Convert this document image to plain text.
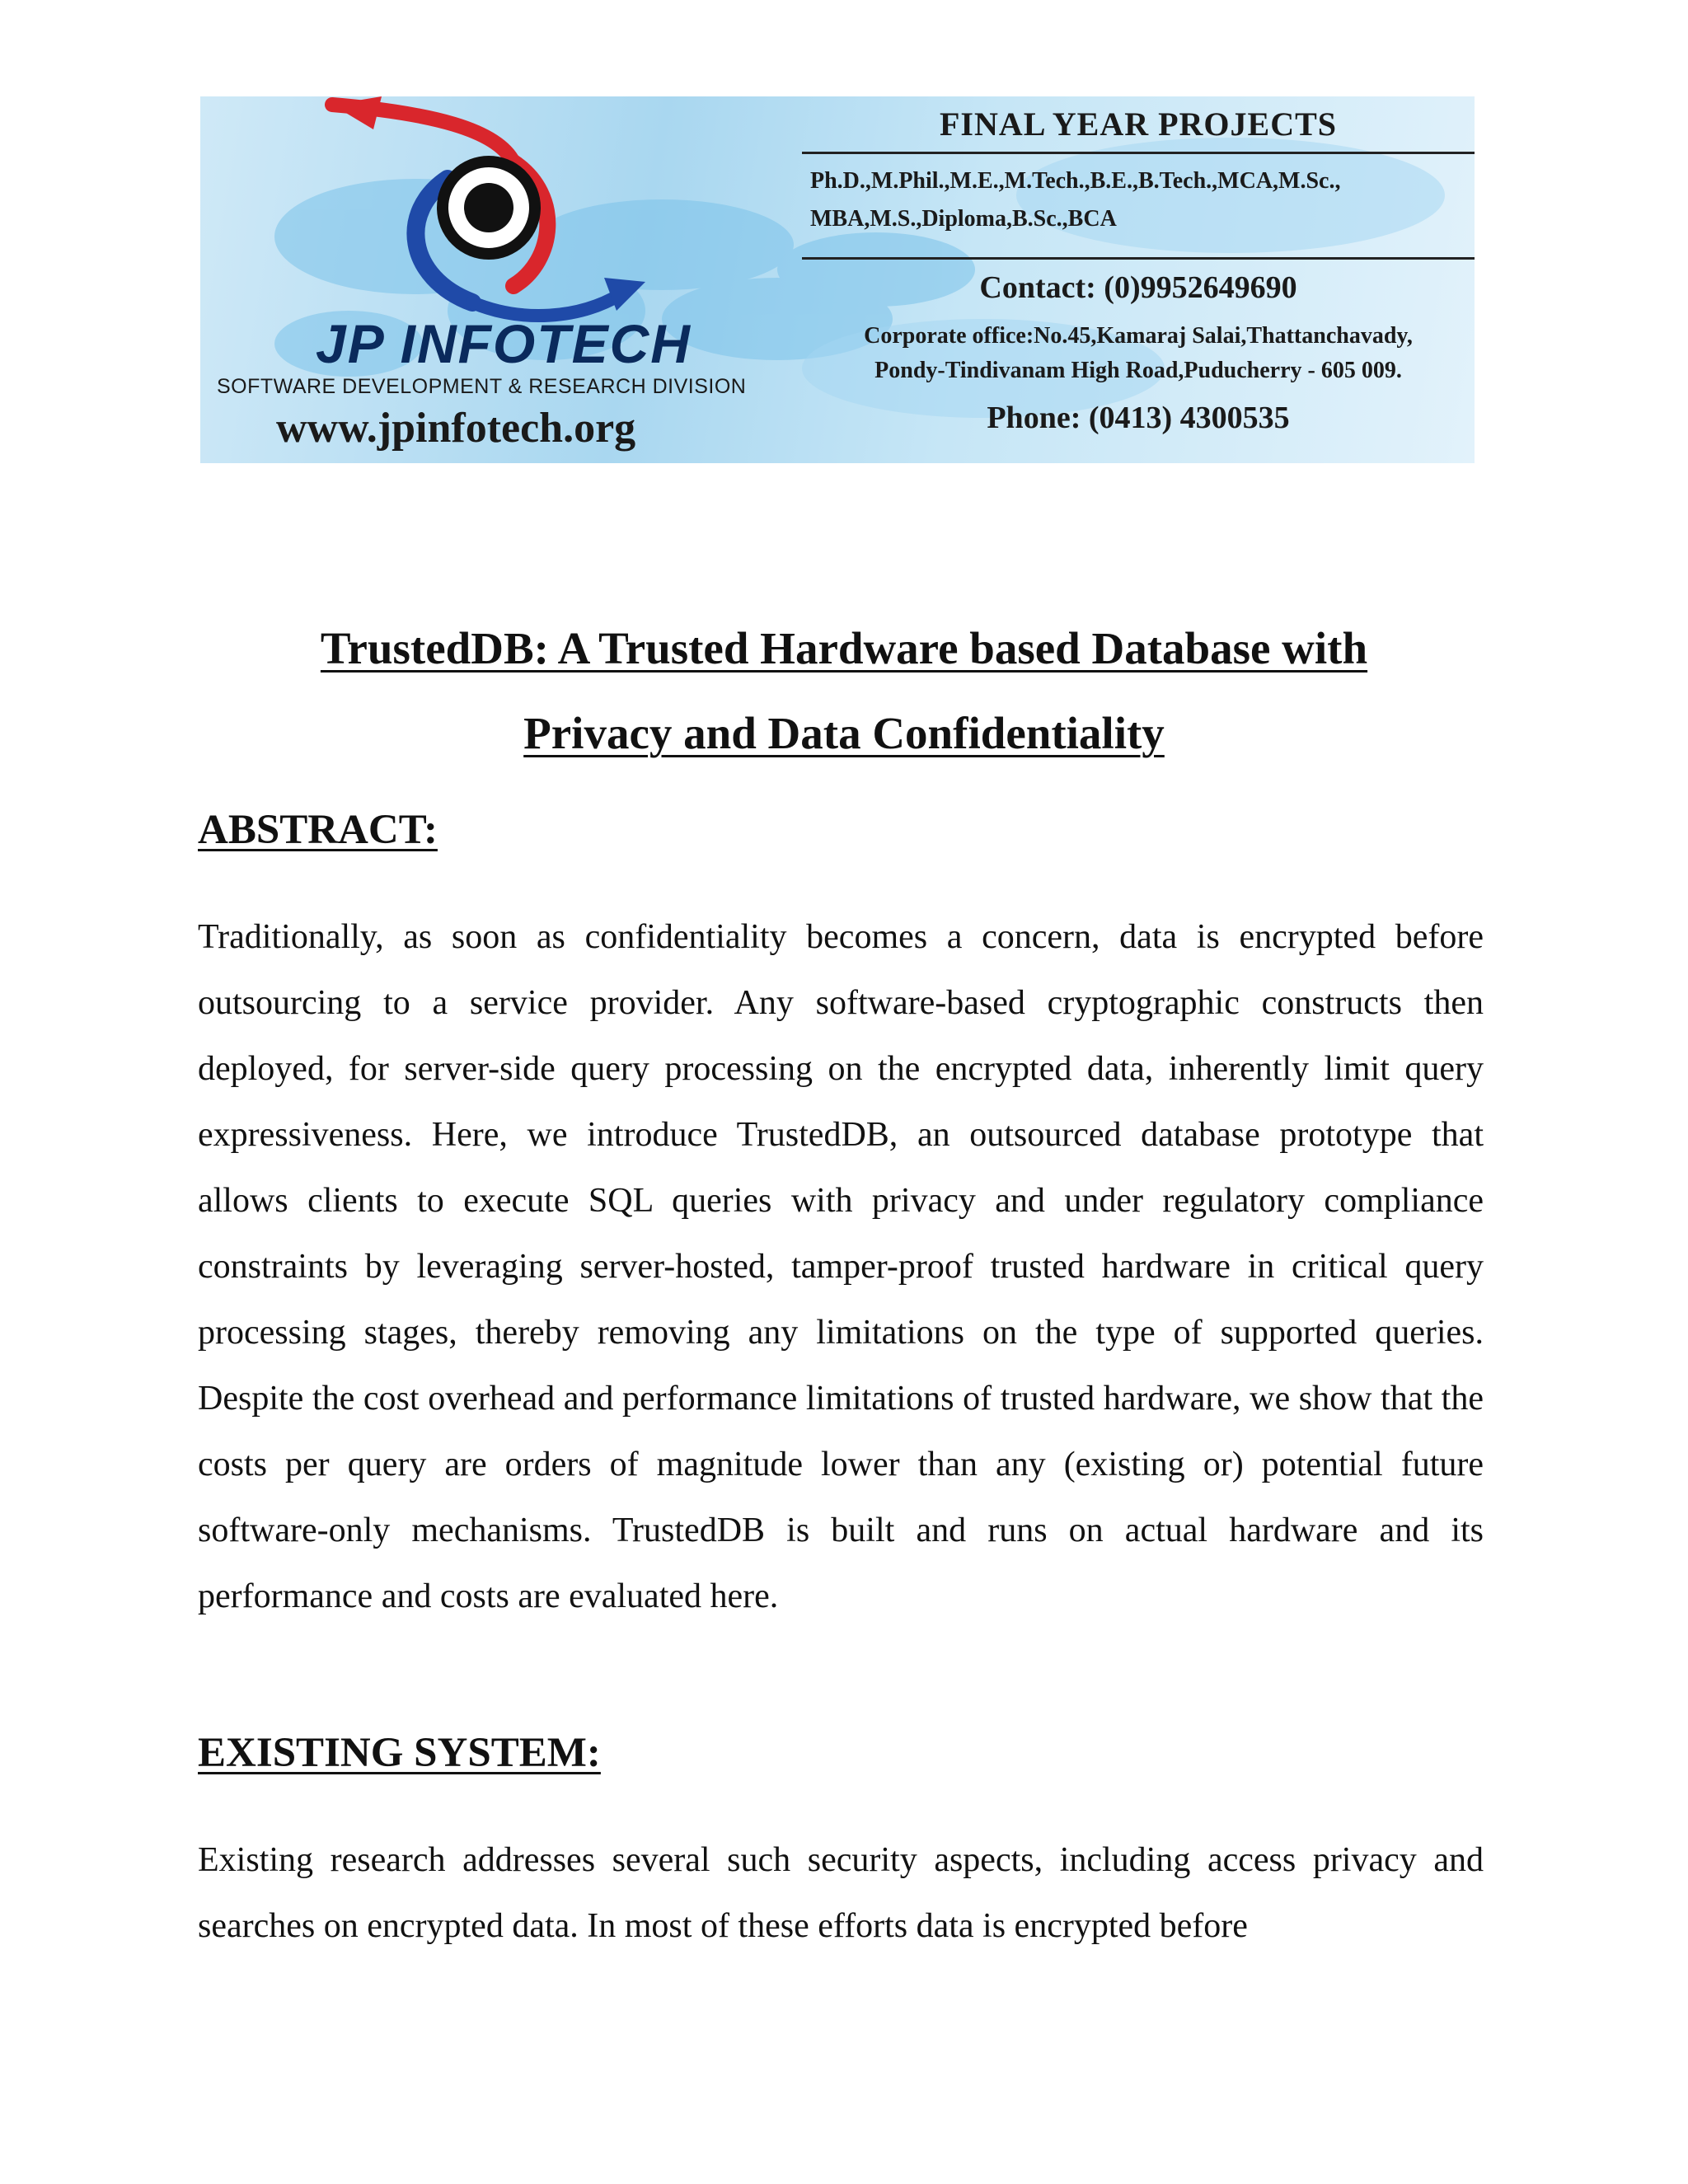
JP INFOTECH
SOFTWARE DEVELOPMENT & RESEARCH DIVISION
www.jpinfotech.org
FINAL YEAR PROJECTS
Ph.D.,M.Phil.,M.E.,M.Tech.,B.E.,B.Tech.,MCA,M.Sc.,
MBA,M.S.,Diploma,B.Sc.,BCA
Contact: (0)9952649690
Corporate office:No.45,Kamaraj Salai,Thattanchavady,
Pondy-Tindivanam High Road,Puducherry - 605 009.
Phone: (0413) 4300535
TrustedDB: A Trusted Hardware based Database with
Privacy and Data Confidentiality
ABSTRACT:

Traditionally, as soon as confidentiality becomes a concern, data is encrypted before outsourcing to a service provider. Any software-based cryptographic constructs then deployed, for server-side query processing on the encrypted data, inherently limit query expressiveness. Here, we introduce TrustedDB, an outsourced database prototype that allows clients to execute SQL queries with privacy and under regulatory compliance constraints by leveraging server-hosted, tamper-proof trusted hardware in critical query processing stages, thereby removing any limitations on the type of supported queries. Despite the cost overhead and performance limitations of trusted hardware, we show that the costs per query are orders of magnitude lower than any (existing or) potential future software-only mechanisms. TrustedDB is built and runs on actual hardware and its performance and costs are evaluated here.

EXISTING SYSTEM:

Existing research addresses several such security aspects, including access privacy and searches on encrypted data. In most of these efforts data is encrypted before
